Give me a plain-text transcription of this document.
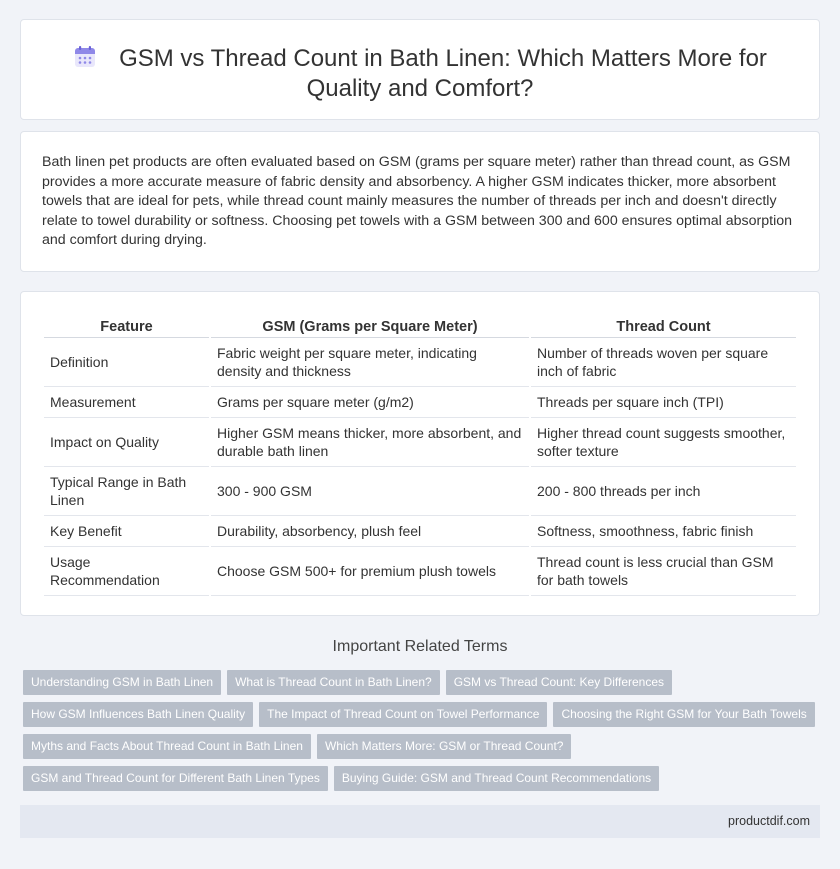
GSM vs Thread Count in Bath Linen: Which Matters More for Quality and Comfort?

Bath linen pet products are often evaluated based on GSM (grams per square meter) rather than thread count, as GSM provides a more accurate measure of fabric density and absorbency. A higher GSM indicates thicker, more absorbent towels that are ideal for pets, while thread count mainly measures the number of threads per inch and doesn't directly relate to towel durability or softness. Choosing pet towels with a GSM between 300 and 600 ensures optimal absorption and comfort during drying.

Feature	GSM (Grams per Square Meter)	Thread Count
Definition	Fabric weight per square meter, indicating density and thickness	Number of threads woven per square inch of fabric
Measurement	Grams per square meter (g/m2)	Threads per square inch (TPI)
Impact on Quality	Higher GSM means thicker, more absorbent, and durable bath linen	Higher thread count suggests smoother, softer texture
Typical Range in Bath Linen	300 - 900 GSM	200 - 800 threads per inch
Key Benefit	Durability, absorbency, plush feel	Softness, smoothness, fabric finish
Usage Recommendation	Choose GSM 500+ for premium plush towels	Thread count is less crucial than GSM for bath towels
Important Related Terms
Understanding GSM in Bath Linen What is Thread Count in Bath Linen? GSM vs Thread Count: Key Differences
How GSM Influences Bath Linen Quality The Impact of Thread Count on Towel Performance Choosing the Right GSM for Your Bath Towels
Myths and Facts About Thread Count in Bath Linen Which Matters More: GSM or Thread Count?
GSM and Thread Count for Different Bath Linen Types Buying Guide: GSM and Thread Count Recommendations
productdif.com
